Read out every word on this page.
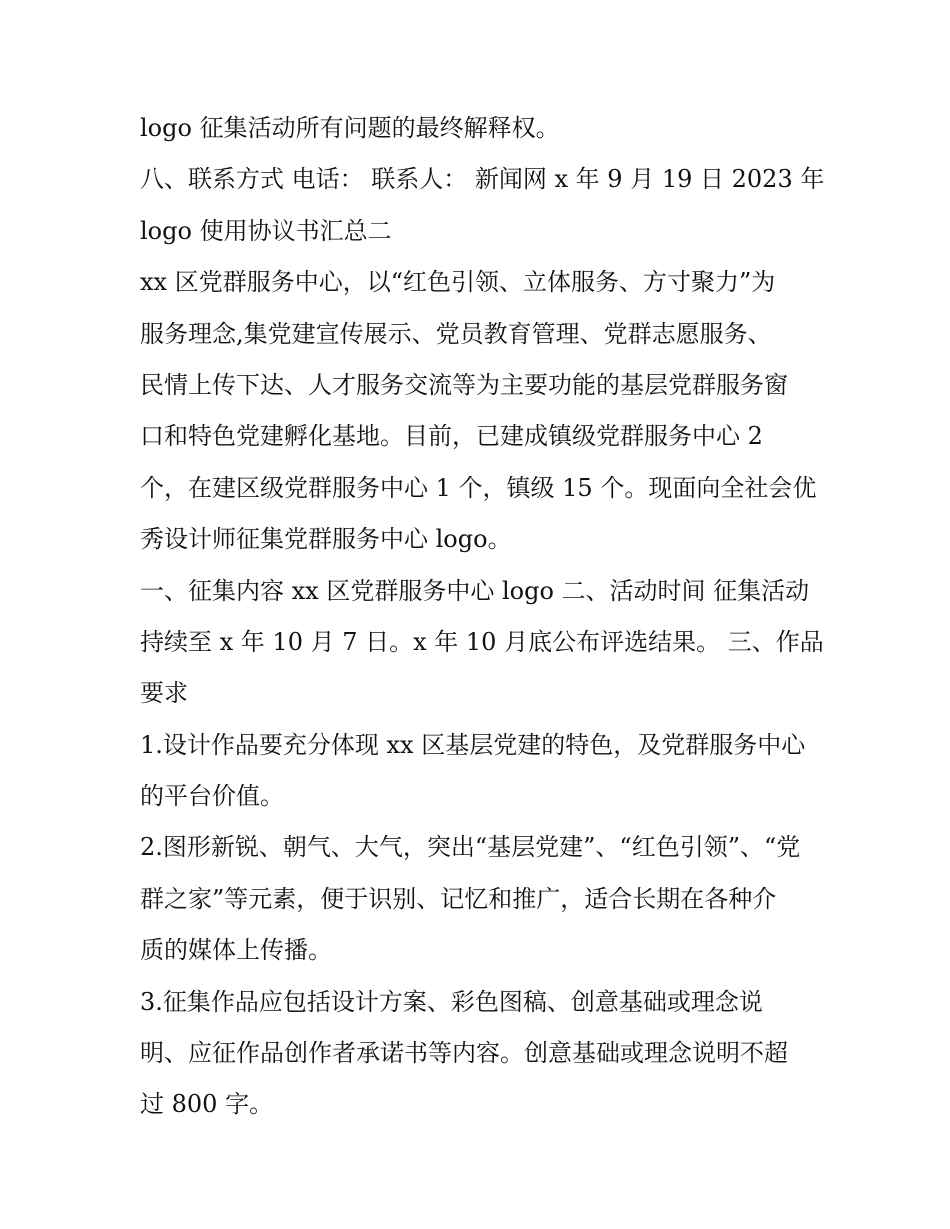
logo 征集活动所有问题的最终解释权。
八、联系方式 电话： 联系人： 新闻网 x 年 9 月 19 日 2023 年
logo 使用协议书汇总二
xx 区党群服务中心，以“红色引领、立体服务、方寸聚力”为
服务理念,集党建宣传展示、党员教育管理、党群志愿服务、
民情上传下达、人才服务交流等为主要功能的基层党群服务窗
口和特色党建孵化基地。目前，已建成镇级党群服务中心 2
个，在建区级党群服务中心 1 个，镇级 15 个。现面向全社会优
秀设计师征集党群服务中心 logo。
一、征集内容 xx 区党群服务中心 logo 二、活动时间 征集活动
持续至 x 年 10 月 7 日。x 年 10 月底公布评选结果。 三、作品
要求
1.设计作品要充分体现 xx 区基层党建的特色，及党群服务中心
的平台价值。
2.图形新锐、朝气、大气，突出“基层党建”、“红色引领”、“党
群之家”等元素，便于识别、记忆和推广，适合长期在各种介
质的媒体上传播。
3.征集作品应包括设计方案、彩色图稿、创意基础或理念说
明、应征作品创作者承诺书等内容。创意基础或理念说明不超
过 800 字。
